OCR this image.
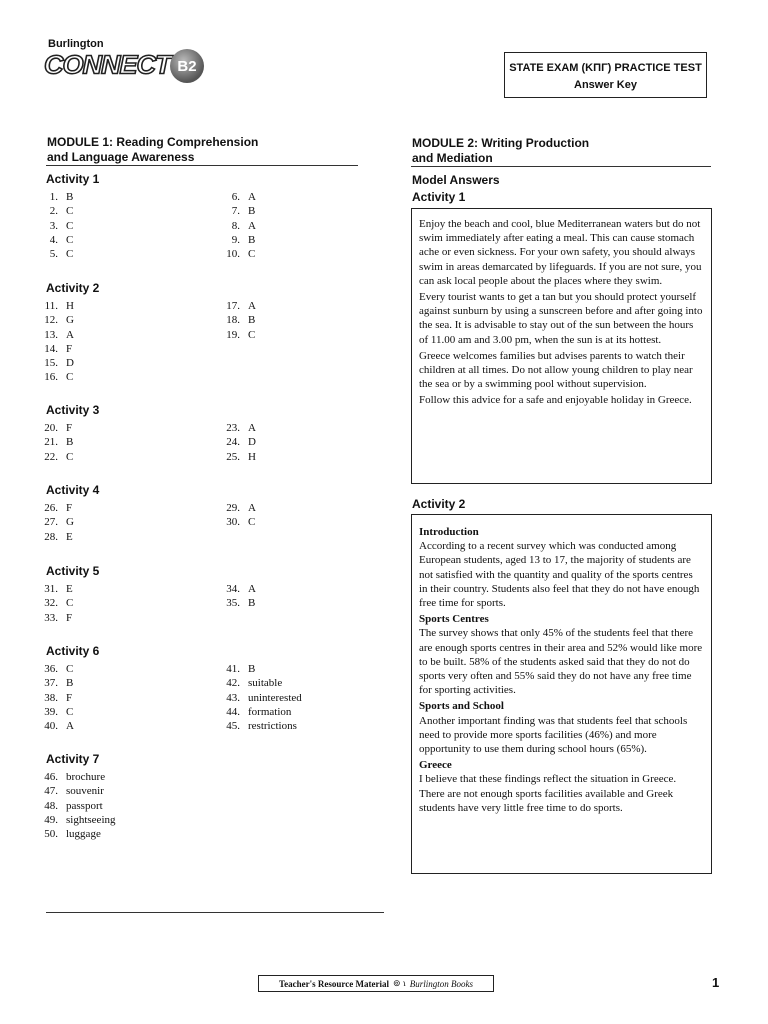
Burlington
CONNECT B2	STATE EXAM (ΚΠΓ) PRACTICE TEST
Answer Key
MODULE 1: Reading Comprehension
and Language Awareness
Activity 1
1. B
2. C
3. C
4. C
5. C
6. A
7. B
8. A
9. B
10. C
Activity 2
11. H
12. G
13. A
14. F
15. D
16. C
17. A
18. B
19. C
Activity 3
20. F
21. B
22. C
23. A
24. D
25. H
Activity 4
26. F
27. G
28. E
29. A
30. C
Activity 5
31. E
32. C
33. F
34. A
35. B
Activity 6
36. C
37. B
38. F
39. C
40. A
41. B
42. suitable
43. uninterested
44. formation
45. restrictions
Activity 7
46. brochure
47. souvenir
48. passport
49. sightseeing
50. luggage
MODULE 2: Writing Production
and Mediation
Model Answers
Activity 1

Enjoy the beach and cool, blue Mediterranean waters but do not swim immediately after eating a meal. This can cause stomach ache or even sickness. For your own safety, you should always swim in areas demarcated by lifeguards. If you are not sure, you can ask local people about the places where they swim.

Every tourist wants to get a tan but you should protect yourself against sunburn by using a sunscreen before and after going into the sea. It is advisable to stay out of the sun between the hours of 11.00 am and 3.00 pm, when the sun is at its hottest.

Greece welcomes families but advises parents to watch their children at all times. Do not allow young children to play near the sea or by a swimming pool without supervision.

Follow this advice for a safe and enjoyable holiday in Greece.

Activity 2
Introduction

According to a recent survey which was conducted among European students, aged 13 to 17, the majority of students are not satisfied with the quantity and quality of the sports centres in their country. Students also feel that they do not have enough free time for sports.

Sports Centres

The survey shows that only 45% of the students feel that there are enough sports centres in their area and 52% would like more to be built. 58% of the students asked said that they do not do sports very often and 55% said they do not have any free time for sporting activities.

Sports and School

Another important finding was that students feel that schools need to provide more sports facilities (46%) and more opportunity to use them during school hours (65%).

Greece

I believe that these findings reflect the situation in Greece. There are not enough sports facilities available and Greek students have very little free time to do sports.

Teacher's Resource Material ⊚ ɿ Burlington Books	1
